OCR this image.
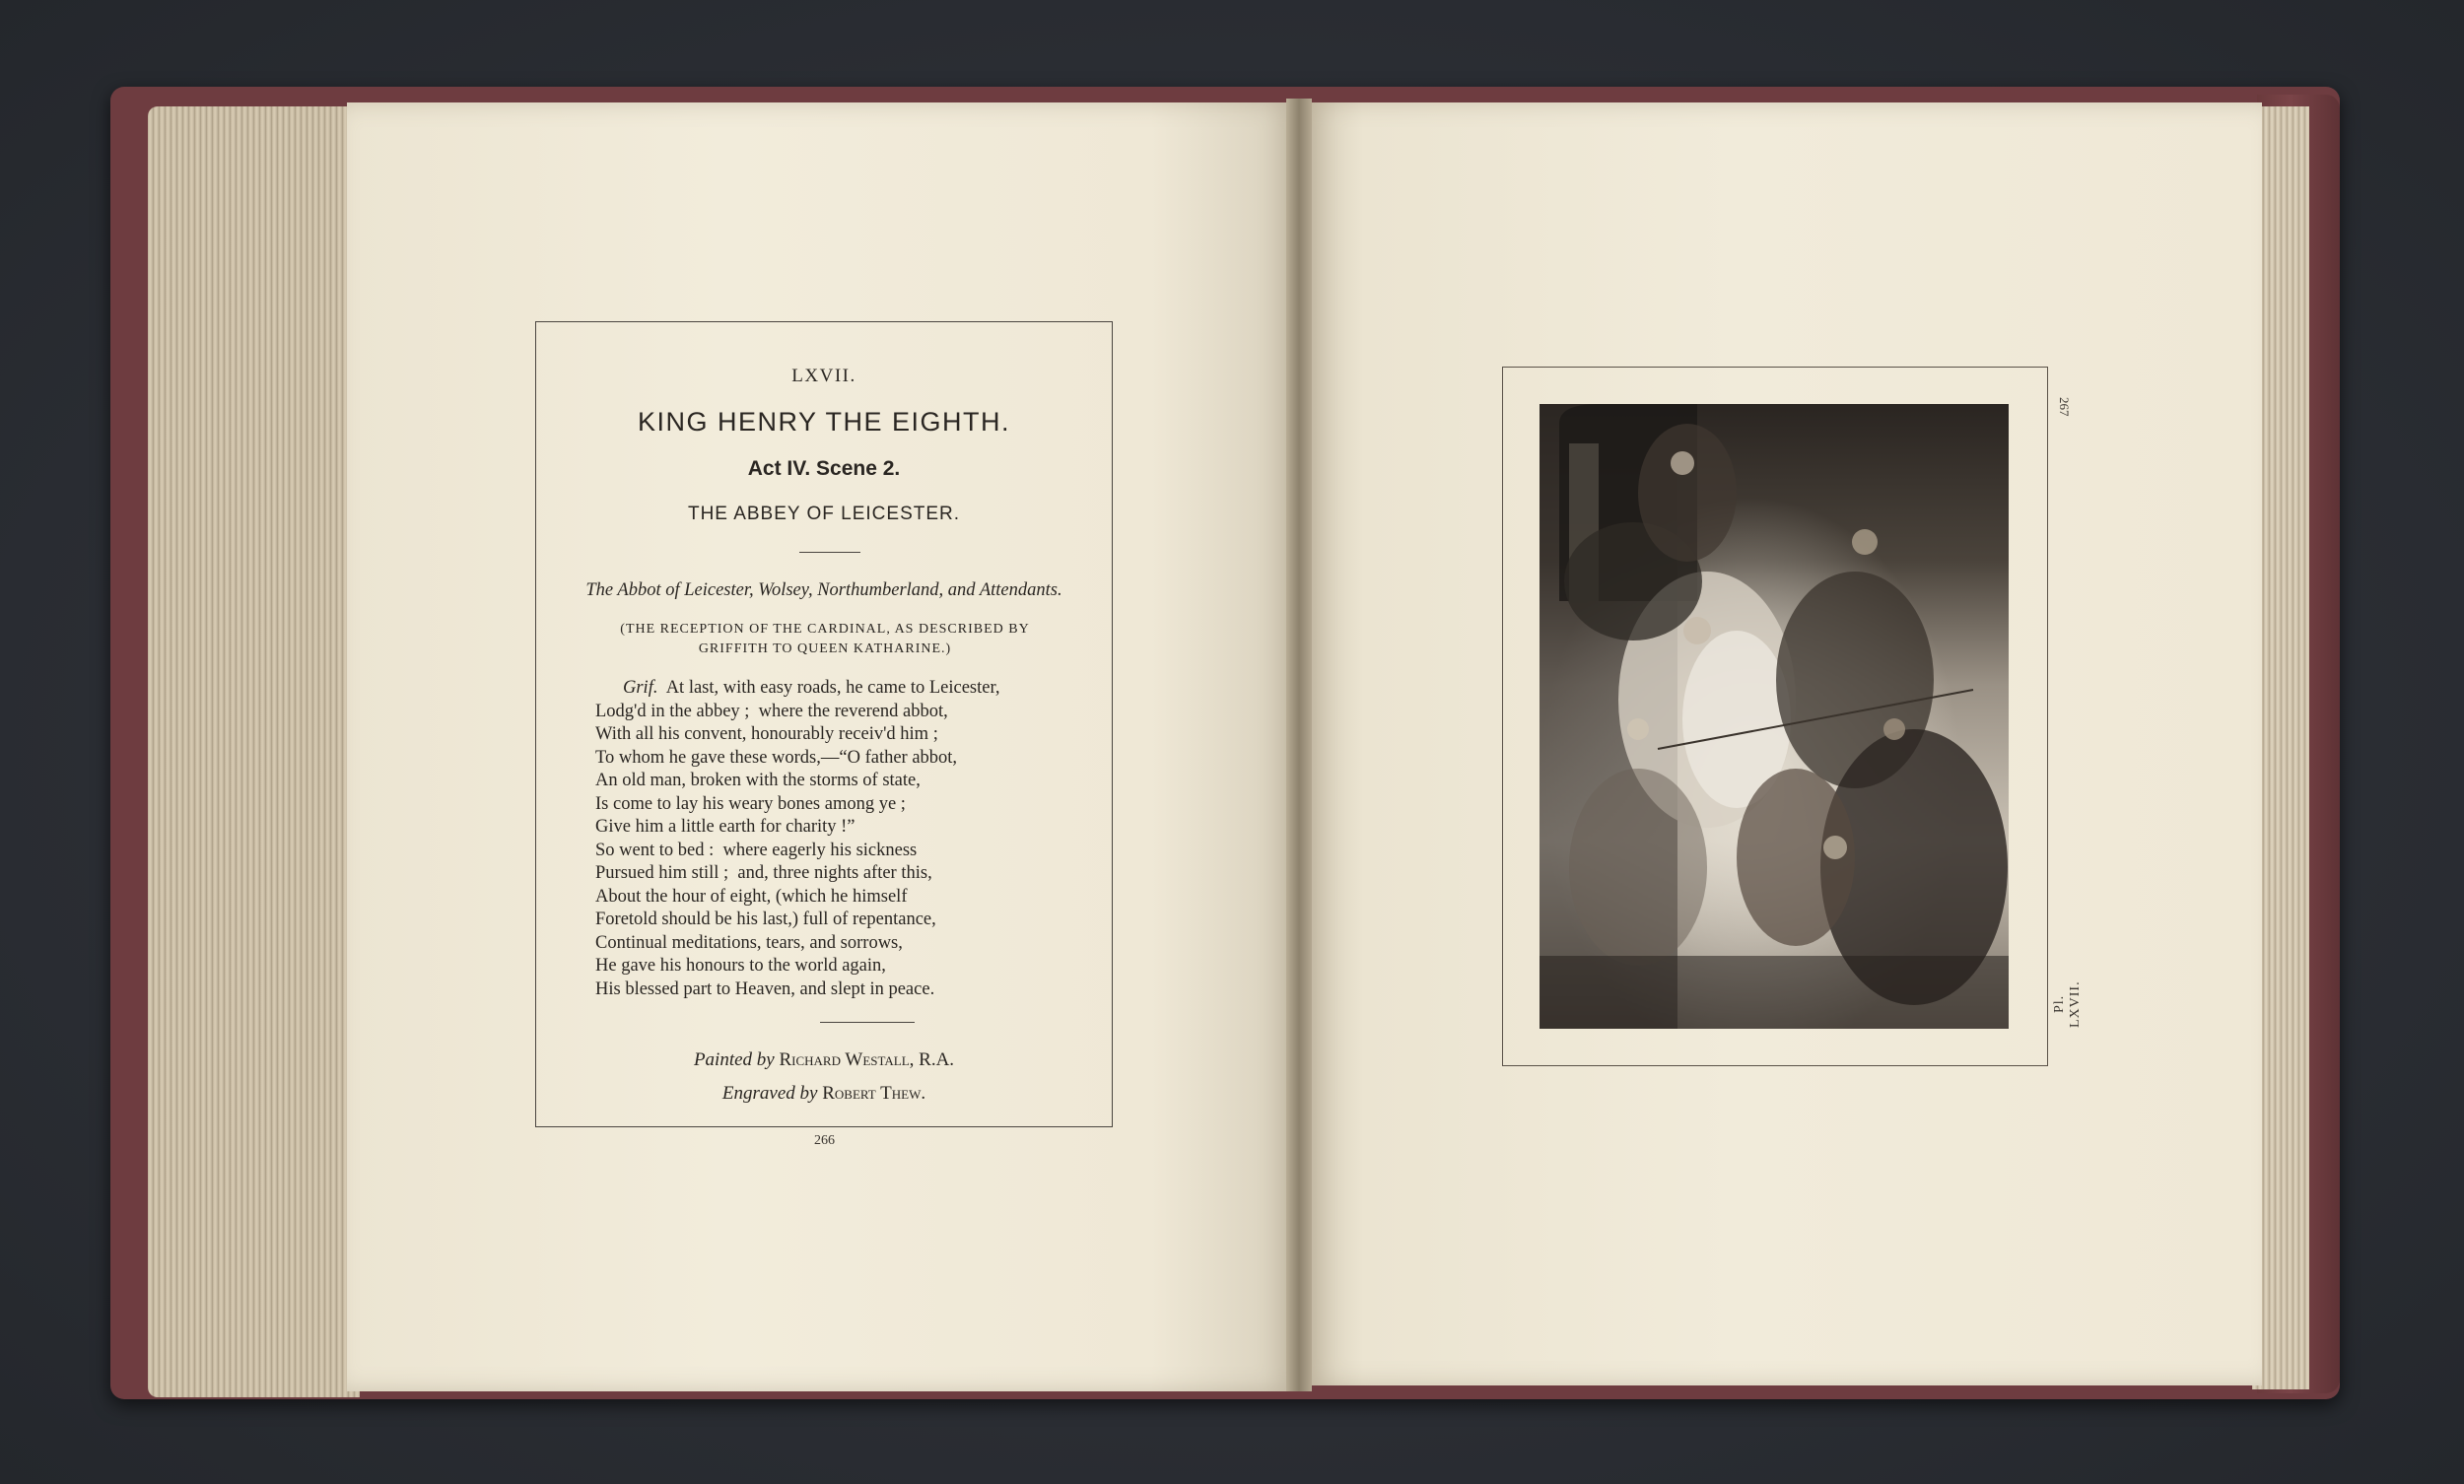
LXVII.
KING HENRY THE EIGHTH.
Act IV. Scene 2.
THE ABBEY OF LEICESTER.
The Abbot of Leicester, Wolsey, Northumberland, and Attendants.
(THE RECEPTION OF THE CARDINAL, AS DESCRIBED BY
GRIFFITH TO QUEEN KATHARINE.)
Grif.  At last, with easy roads, he came to Leicester,
Lodg'd in the abbey ;  where the reverend abbot,
With all his convent, honourably receiv'd him ;
To whom he gave these words,—“O father abbot,
An old man, broken with the storms of state,
Is come to lay his weary bones among ye ;
Give him a little earth for charity !”
So went to bed :  where eagerly his sickness
Pursued him still ;  and, three nights after this,
About the hour of eight, (which he himself
Foretold should be his last,) full of repentance,
Continual meditations, tears, and sorrows,
He gave his honours to the world again,
His blessed part to Heaven, and slept in peace.
Painted by Richard Westall, R.A.
Engraved by Robert Thew.
266
Pl. LXVII.
267
